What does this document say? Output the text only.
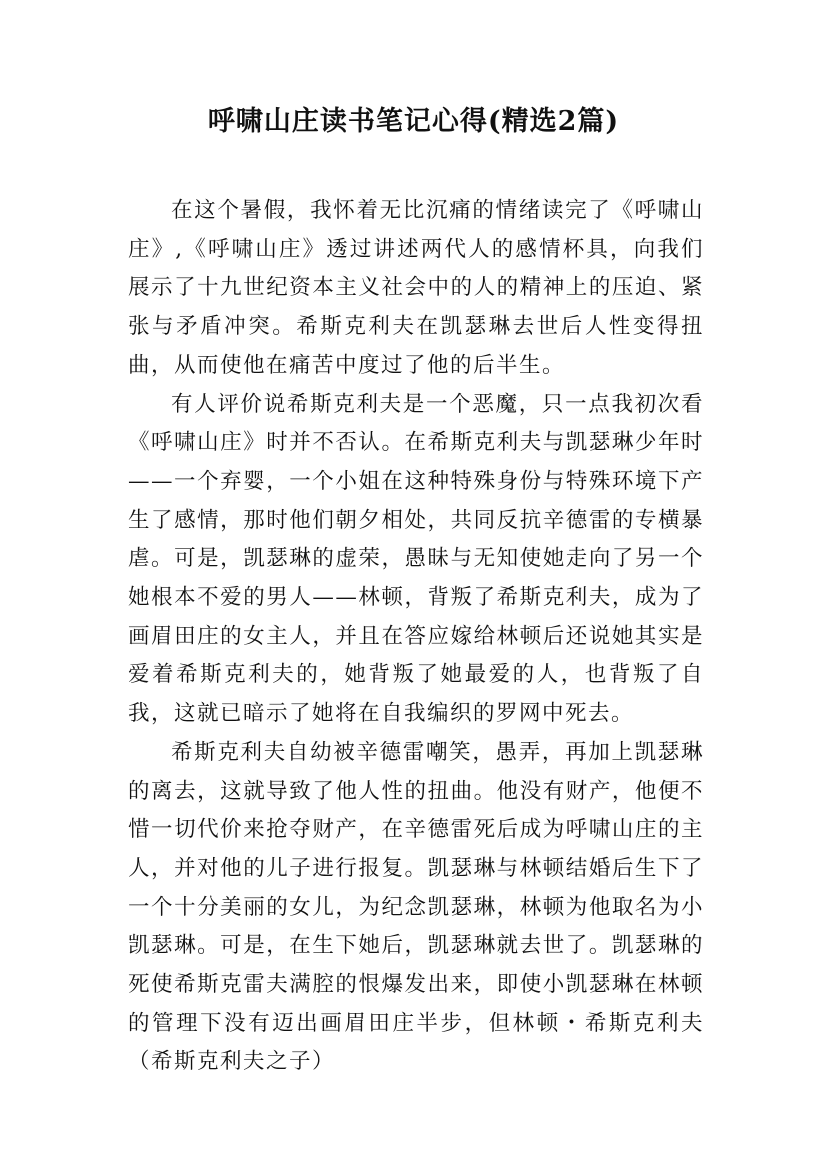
呼啸山庄读书笔记心得(精选2篇)

在这个暑假，我怀着无比沉痛的情绪读完了《呼啸山庄》,《呼啸山庄》透过讲述两代人的感情杯具，向我们展示了十九世纪资本主义社会中的人的精神上的压迫、紧张与矛盾冲突。希斯克利夫在凯瑟琳去世后人性变得扭曲，从而使他在痛苦中度过了他的后半生。

有人评价说希斯克利夫是一个恶魔，只一点我初次看《呼啸山庄》时并不否认。在希斯克利夫与凯瑟琳少年时——一个弃婴，一个小姐在这种特殊身份与特殊环境下产生了感情，那时他们朝夕相处，共同反抗辛德雷的专横暴虐。可是，凯瑟琳的虚荣，愚昧与无知使她走向了另一个她根本不爱的男人——林顿，背叛了希斯克利夫，成为了画眉田庄的女主人，并且在答应嫁给林顿后还说她其实是爱着希斯克利夫的，她背叛了她最爱的人，也背叛了自我，这就已暗示了她将在自我编织的罗网中死去。

希斯克利夫自幼被辛德雷嘲笑，愚弄，再加上凯瑟琳的离去，这就导致了他人性的扭曲。他没有财产，他便不惜一切代价来抢夺财产，在辛德雷死后成为呼啸山庄的主人，并对他的儿子进行报复。凯瑟琳与林顿结婚后生下了一个十分美丽的女儿，为纪念凯瑟琳，林顿为他取名为小凯瑟琳。可是，在生下她后，凯瑟琳就去世了。凯瑟琳的死使希斯克雷夫满腔的恨爆发出来，即使小凯瑟琳在林顿的管理下没有迈出画眉田庄半步，但林顿・希斯克利夫（希斯克利夫之子）
